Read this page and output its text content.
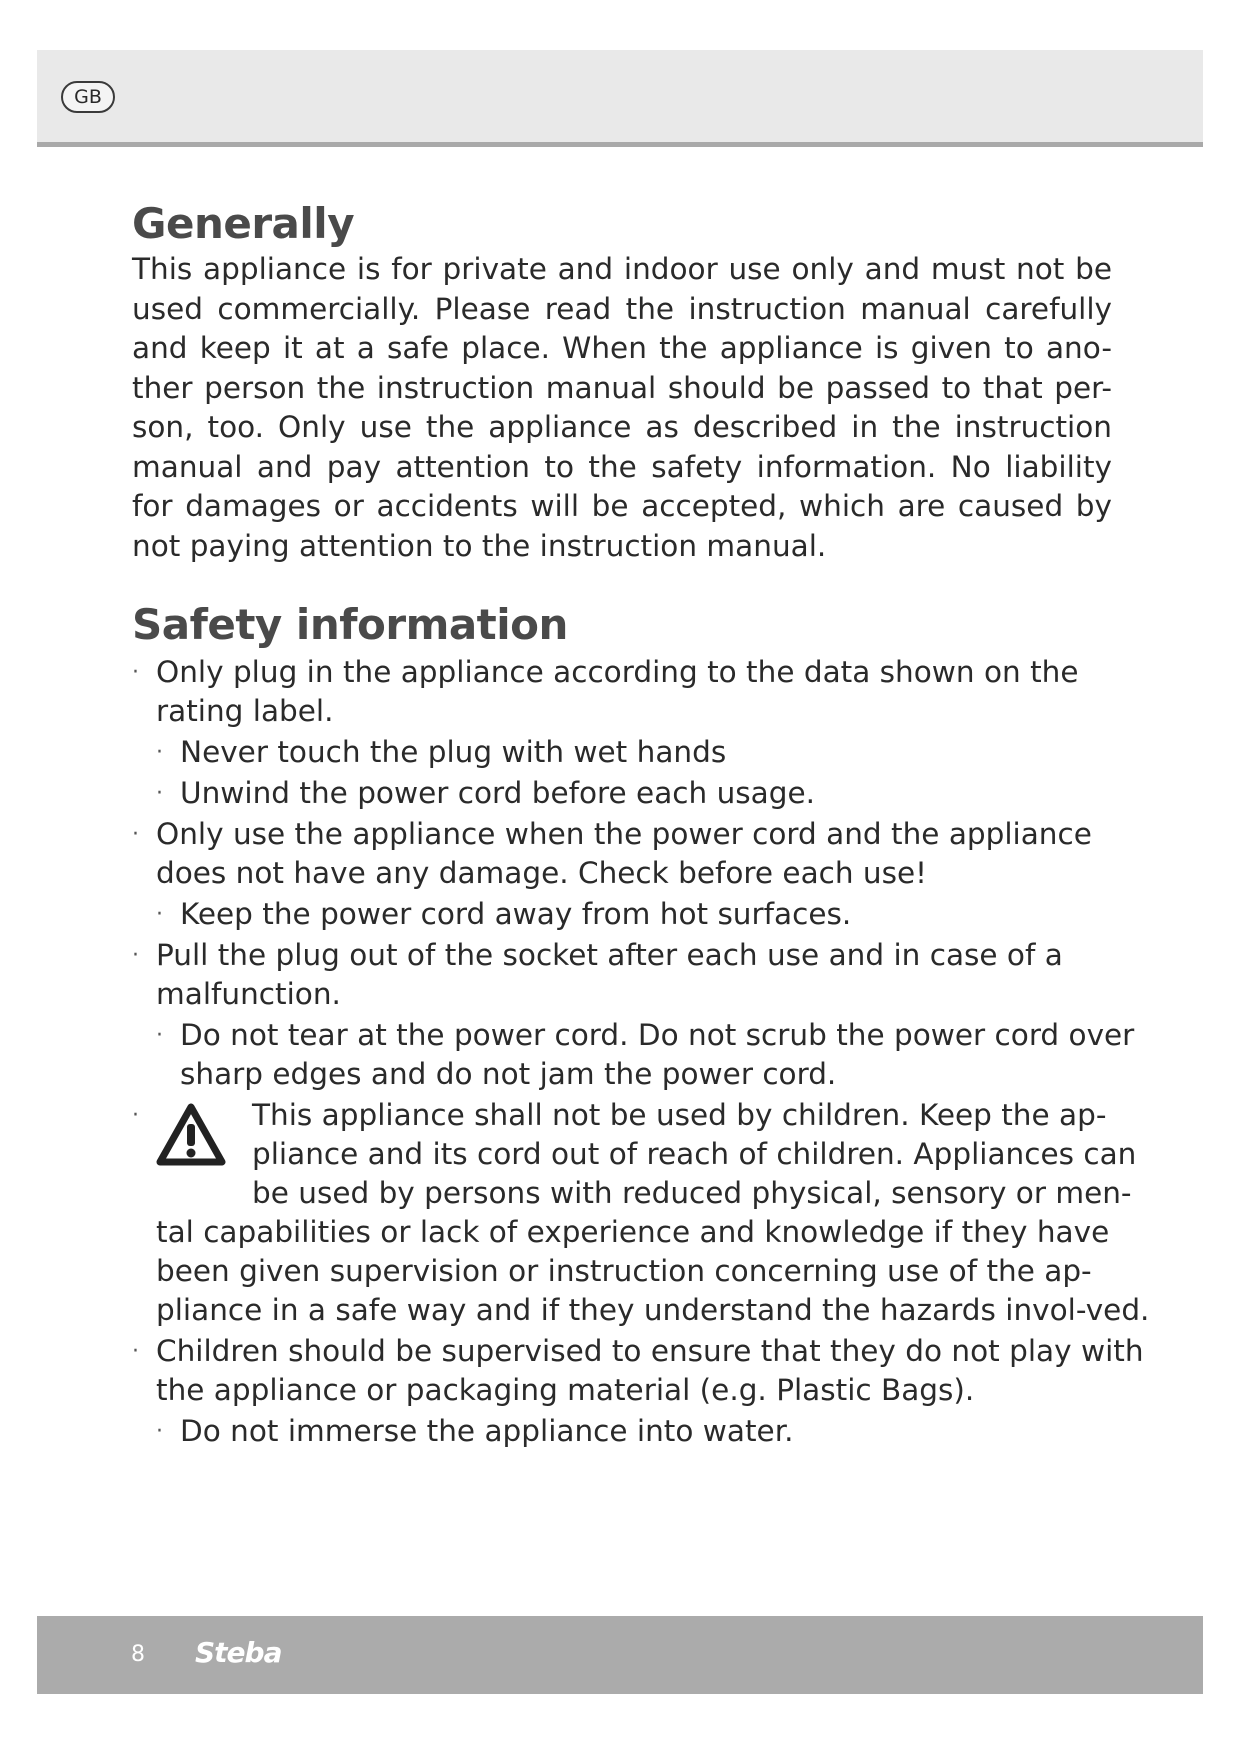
GB
Generally

This appliance is for private and indoor use only and must not be used commercially. Please read the instruction manual carefully and keep it at a safe place. When the appliance is given to ano-ther person the instruction manual should be passed to that per-son, too. Only use the appliance as described in the instruction manual and pay attention to the safety information. No liability for damages or accidents will be accepted, which are caused by not paying attention to the instruction manual.

Safety information
· Only plug in the appliance according to the data shown on the rating label.
· Never touch the plug with wet hands
· Unwind the power cord before each usage.
· Only use the appliance when the power cord and the appliance does not have any damage. Check before each use!
· Keep the power cord away from hot surfaces.
· Pull the plug out of the socket after each use and in case of a malfunction.
· Do not tear at the power cord. Do not scrub the power cord over sharp edges and do not jam the power cord.
·	This appliance shall not be used by children. Keep the ap-pliance and its cord out of reach of children. Appliances can be used by persons with reduced physical, sensory or men-tal capabilities or lack of experience and knowledge if they have been given supervision or instruction concerning use of the ap-pliance in a safe way and if they understand the hazards invol-ved.
· Children should be supervised to ensure that they do not play with the appliance or packaging material (e.g. Plastic Bags).
· Do not immerse the appliance into water.
8 Steba
